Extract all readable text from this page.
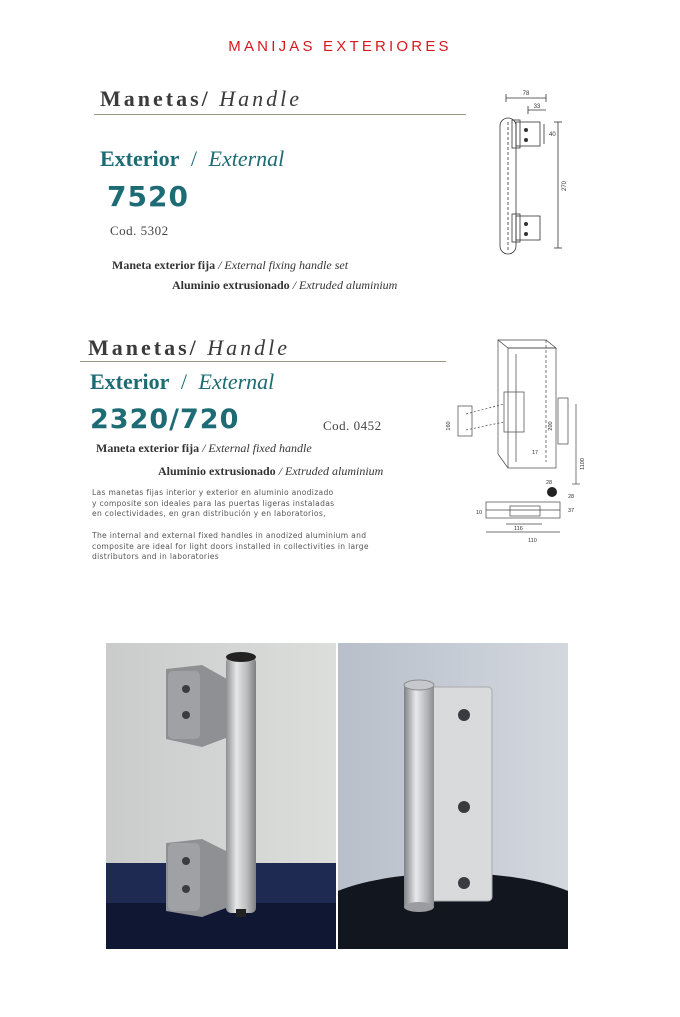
MANIJAS EXTERIORES
Manetas/ Handle
Exterior / External
7520
Cod. 5302
Maneta exterior fija / External fixing handle set
Aluminio extrusionado / Extruded aluminium
78
33
40
270
Manetas/ Handle
Exterior / External
2320/720	Cod. 0452
Maneta exterior fija / External fixed handle
Aluminio extrusionado / Extruded aluminium
Las manetas fijas interior y exterior en aluminio anodizado
y composite son ideales para las puertas ligeras instaladas
en colectividades, en gran distribución y en laboratorios,
The internal and external fixed handles in anodized aluminium and
composite are ideal for light doors installed in collectivities in large
distributors and in laboratories
160	200
17
1100
28
28
37
10
116
110
